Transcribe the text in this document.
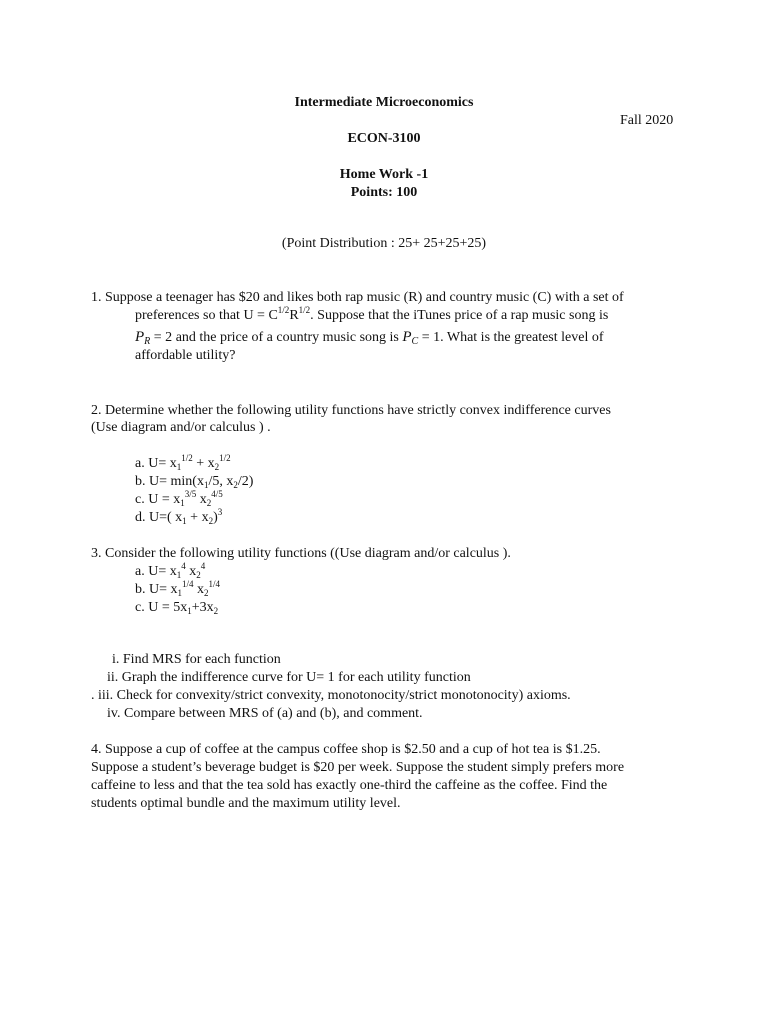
Intermediate Microeconomics
Fall 2020
ECON-3100
Home Work -1
Points: 100
(Point Distribution : 25+ 25+25+25)
1. Suppose a teenager has $20 and likes both rap music (R) and country music (C) with a set of
preferences so that $U = C^{1/2}R^{1/2}$. Suppose that the iTunes price of a rap music song is
$P_R = 2$ and the price of a country music song is $P_C = 1$. What is the greatest level of
affordable utility?
2. Determine whether the following utility functions have strictly convex indifference curves
(Use diagram and/or calculus ) .
a. $U= x_1^{1/2} + x_2^{1/2}$
b. $U= \min(x_1/5$, $x_2/2$)
c. $U = x_1^{3/5}$ $x_2^{4/5}$
d. U=( $x_1 + x_2)^3$
3. Consider the following utility functions ((Use diagram and/or calculus ).
a. $U= x_1^4$ $x_2^4$
b. $U= x_1^{1/4}$ $x_2^{1/4}$
c. $U = 5x_1+3x_2$
i. Find MRS for each function
ii. Graph the indifference curve for U= 1 for each utility function
. iii. Check for convexity/strict convexity, monotonocity/strict monotonocity) axioms.
iv. Compare between MRS of (a) and (b), and comment.
4. Suppose a cup of coffee at the campus coffee shop is $2.50 and a cup of hot tea is $1.25.
Suppose a student’s beverage budget is $20 per week. Suppose the student simply prefers more
caffeine to less and that the tea sold has exactly one-third the caffeine as the coffee. Find the
students optimal bundle and the maximum utility level.
